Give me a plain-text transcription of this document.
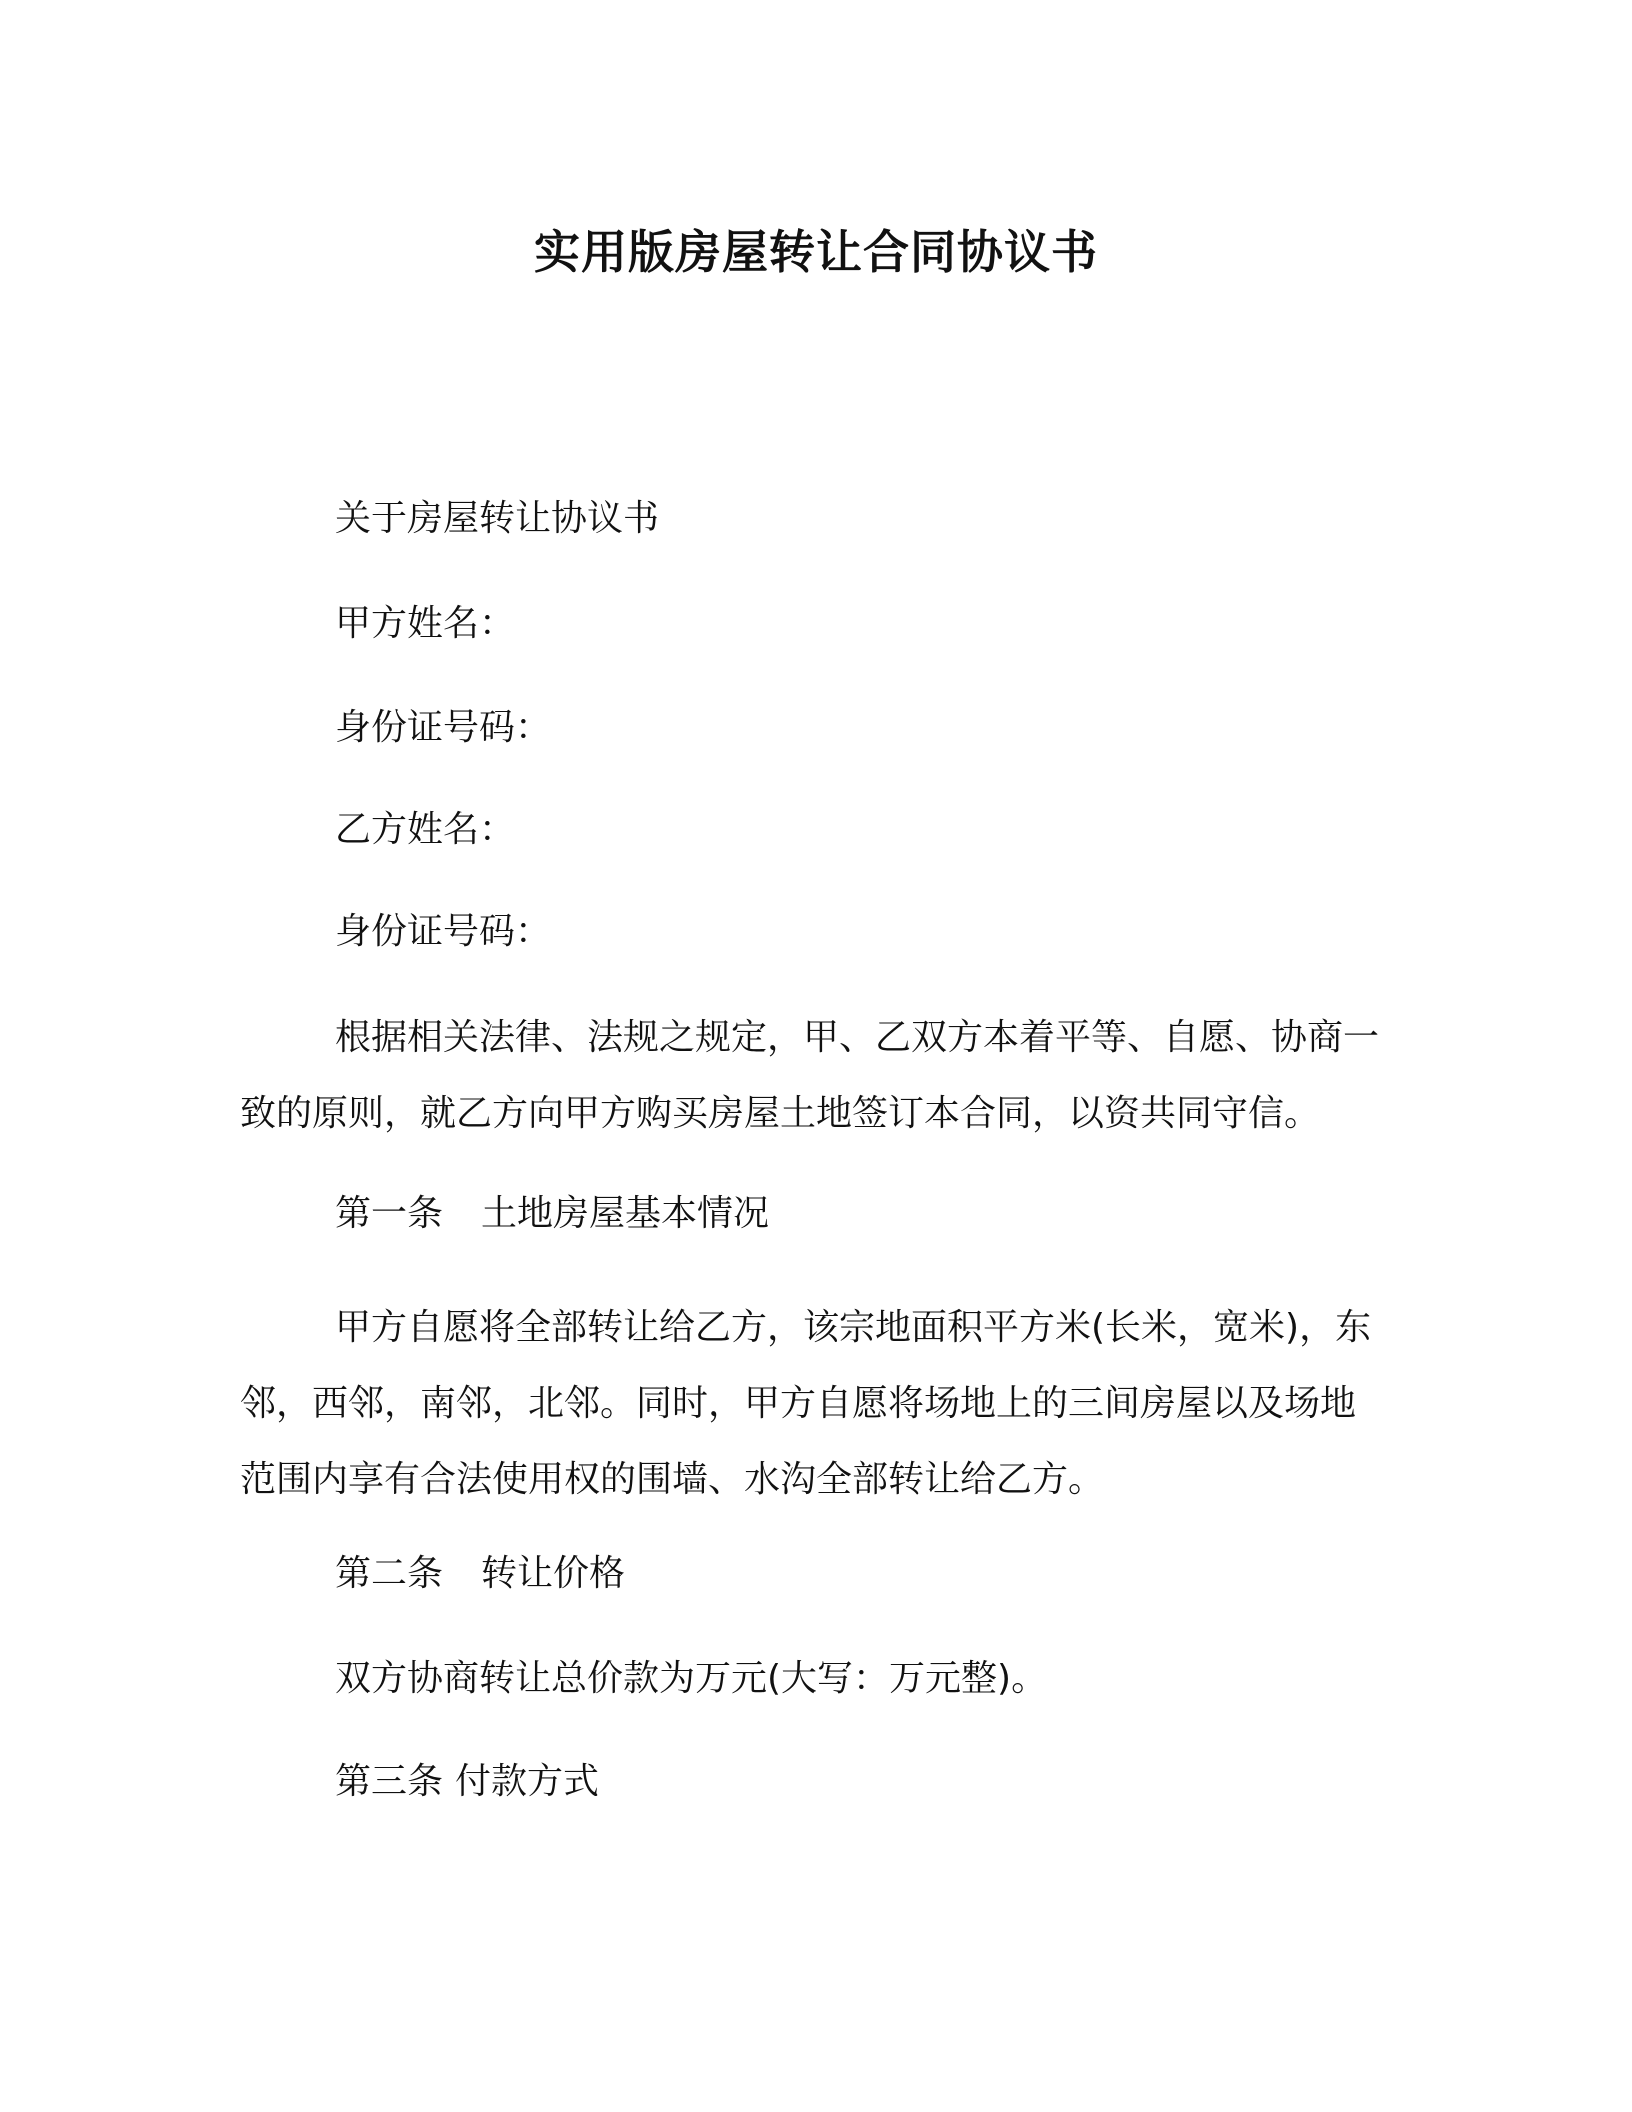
实用版房屋转让合同协议书
关于房屋转让协议书
甲方姓名：
身份证号码：
乙方姓名：
身份证号码：
根据相关法律、法规之规定，甲、乙双方本着平等、自愿、协商一致的原则，就乙方向甲方购买房屋土地签订本合同，以资共同守信。
第一条 土地房屋基本情况
甲方自愿将全部转让给乙方，该宗地面积平方米(长米，宽米)，东邻，西邻，南邻，北邻。同时，甲方自愿将场地上的三间房屋以及场地范围内享有合法使用权的围墙、水沟全部转让给乙方。
第二条 转让价格
双方协商转让总价款为万元(大写：万元整)。
第三条 付款方式
